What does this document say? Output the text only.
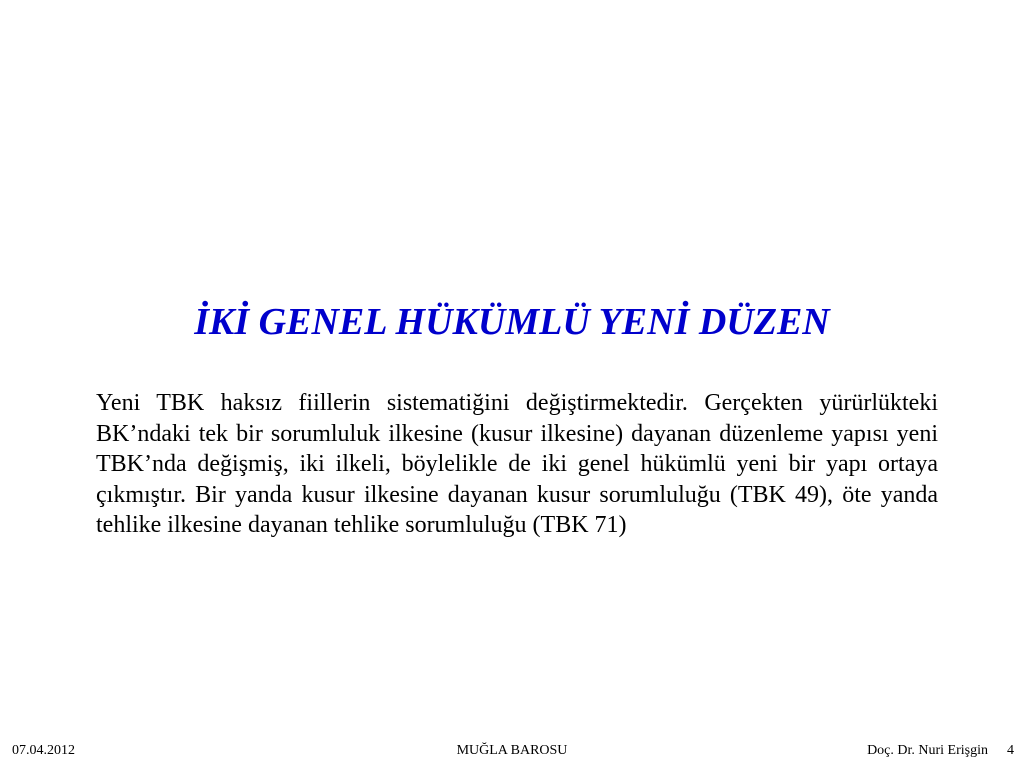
İKİ GENEL HÜKÜMLÜ YENİ DÜZEN

Yeni TBK haksız fiillerin sistematiğini değiştirmektedir. Gerçekten yürürlükteki BK’ndaki tek bir sorumluluk ilkesine (kusur ilkesine) dayanan düzenleme yapısı yeni TBK’nda değişmiş, iki ilkeli, böylelikle de iki genel hükümlü yeni bir yapı ortaya çıkmıştır. Bir yanda kusur ilkesine dayanan kusur sorumluluğu (TBK 49), öte yanda tehlike ilkesine dayanan tehlike sorumluluğu (TBK 71)

07.04.2012	MUĞLA BAROSU	Doç. Dr. Nuri Erişgin 4
